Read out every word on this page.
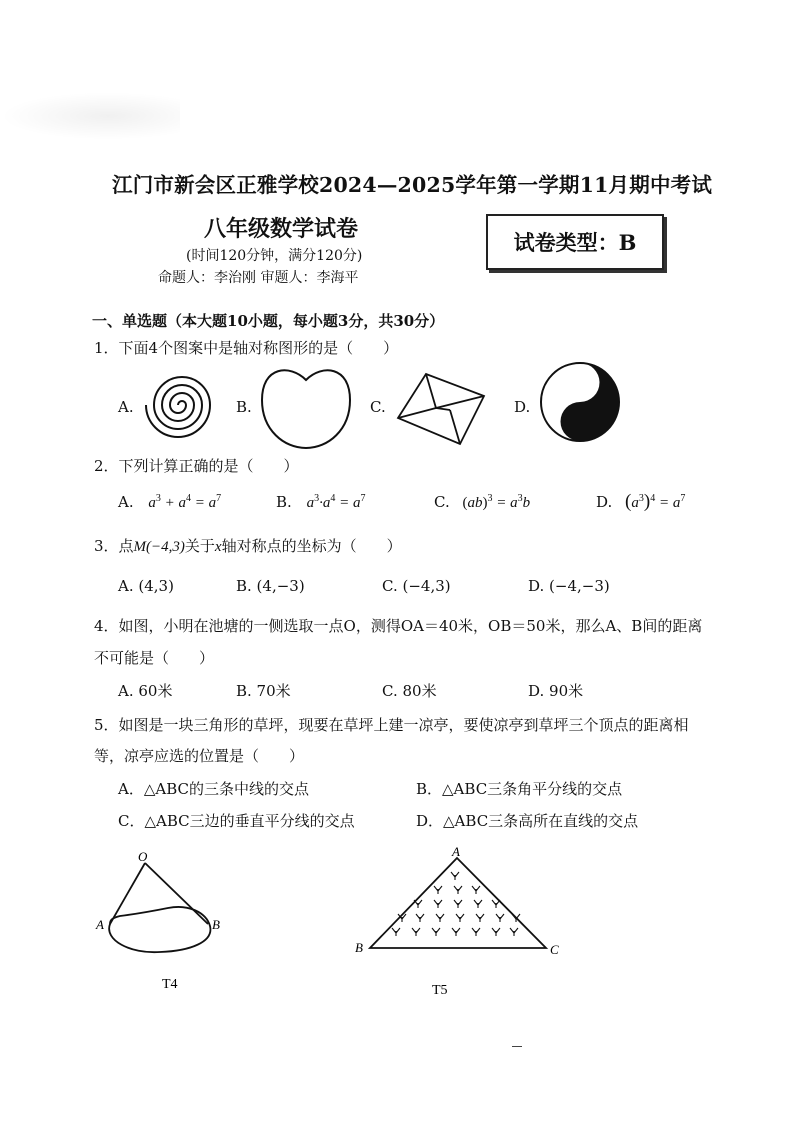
江门市新会区正雅学校2024—2025学年第一学期11月期中考试
八年级数学试卷
(时间120分钟，满分120分)
命题人：李治刚 审题人：李海平
试卷类型：B
一、单选题（本大题10小题，每小题3分，共30分）
1．下面4个图案中是轴对称图形的是（　　）
A.	B.	C.	D.
2．下列计算正确的是（　　）
A. $a^3 + a^4 = a^7$	B. $a^3\cdot a^4 = a^7$	C. $(ab)^3 = a^3b$	D. $(a^3)^4 = a^7$
3．点M(−4,3)关于x轴对称点的坐标为（　　）
A. (4,3)	B. (4,−3)	C. (−4,3)	D. (−4,−3)
4．如图，小明在池塘的一侧选取一点O，测得OA＝40米，OB＝50米，那么A、B间的距离
不可能是（　　）
A. 60米	B. 70米	C. 80米	D. 90米
5．如图是一块三角形的草坪，现要在草坪上建一凉亭，要使凉亭到草坪三个顶点的距离相
等，凉亭应选的位置是（　　）
A．△ABC的三条中线的交点	B．△ABC三条角平分线的交点
C．△ABC三边的垂直平分线的交点	D．△ABC三条高所在直线的交点
O
A	B
T4
A
B	C
T5
